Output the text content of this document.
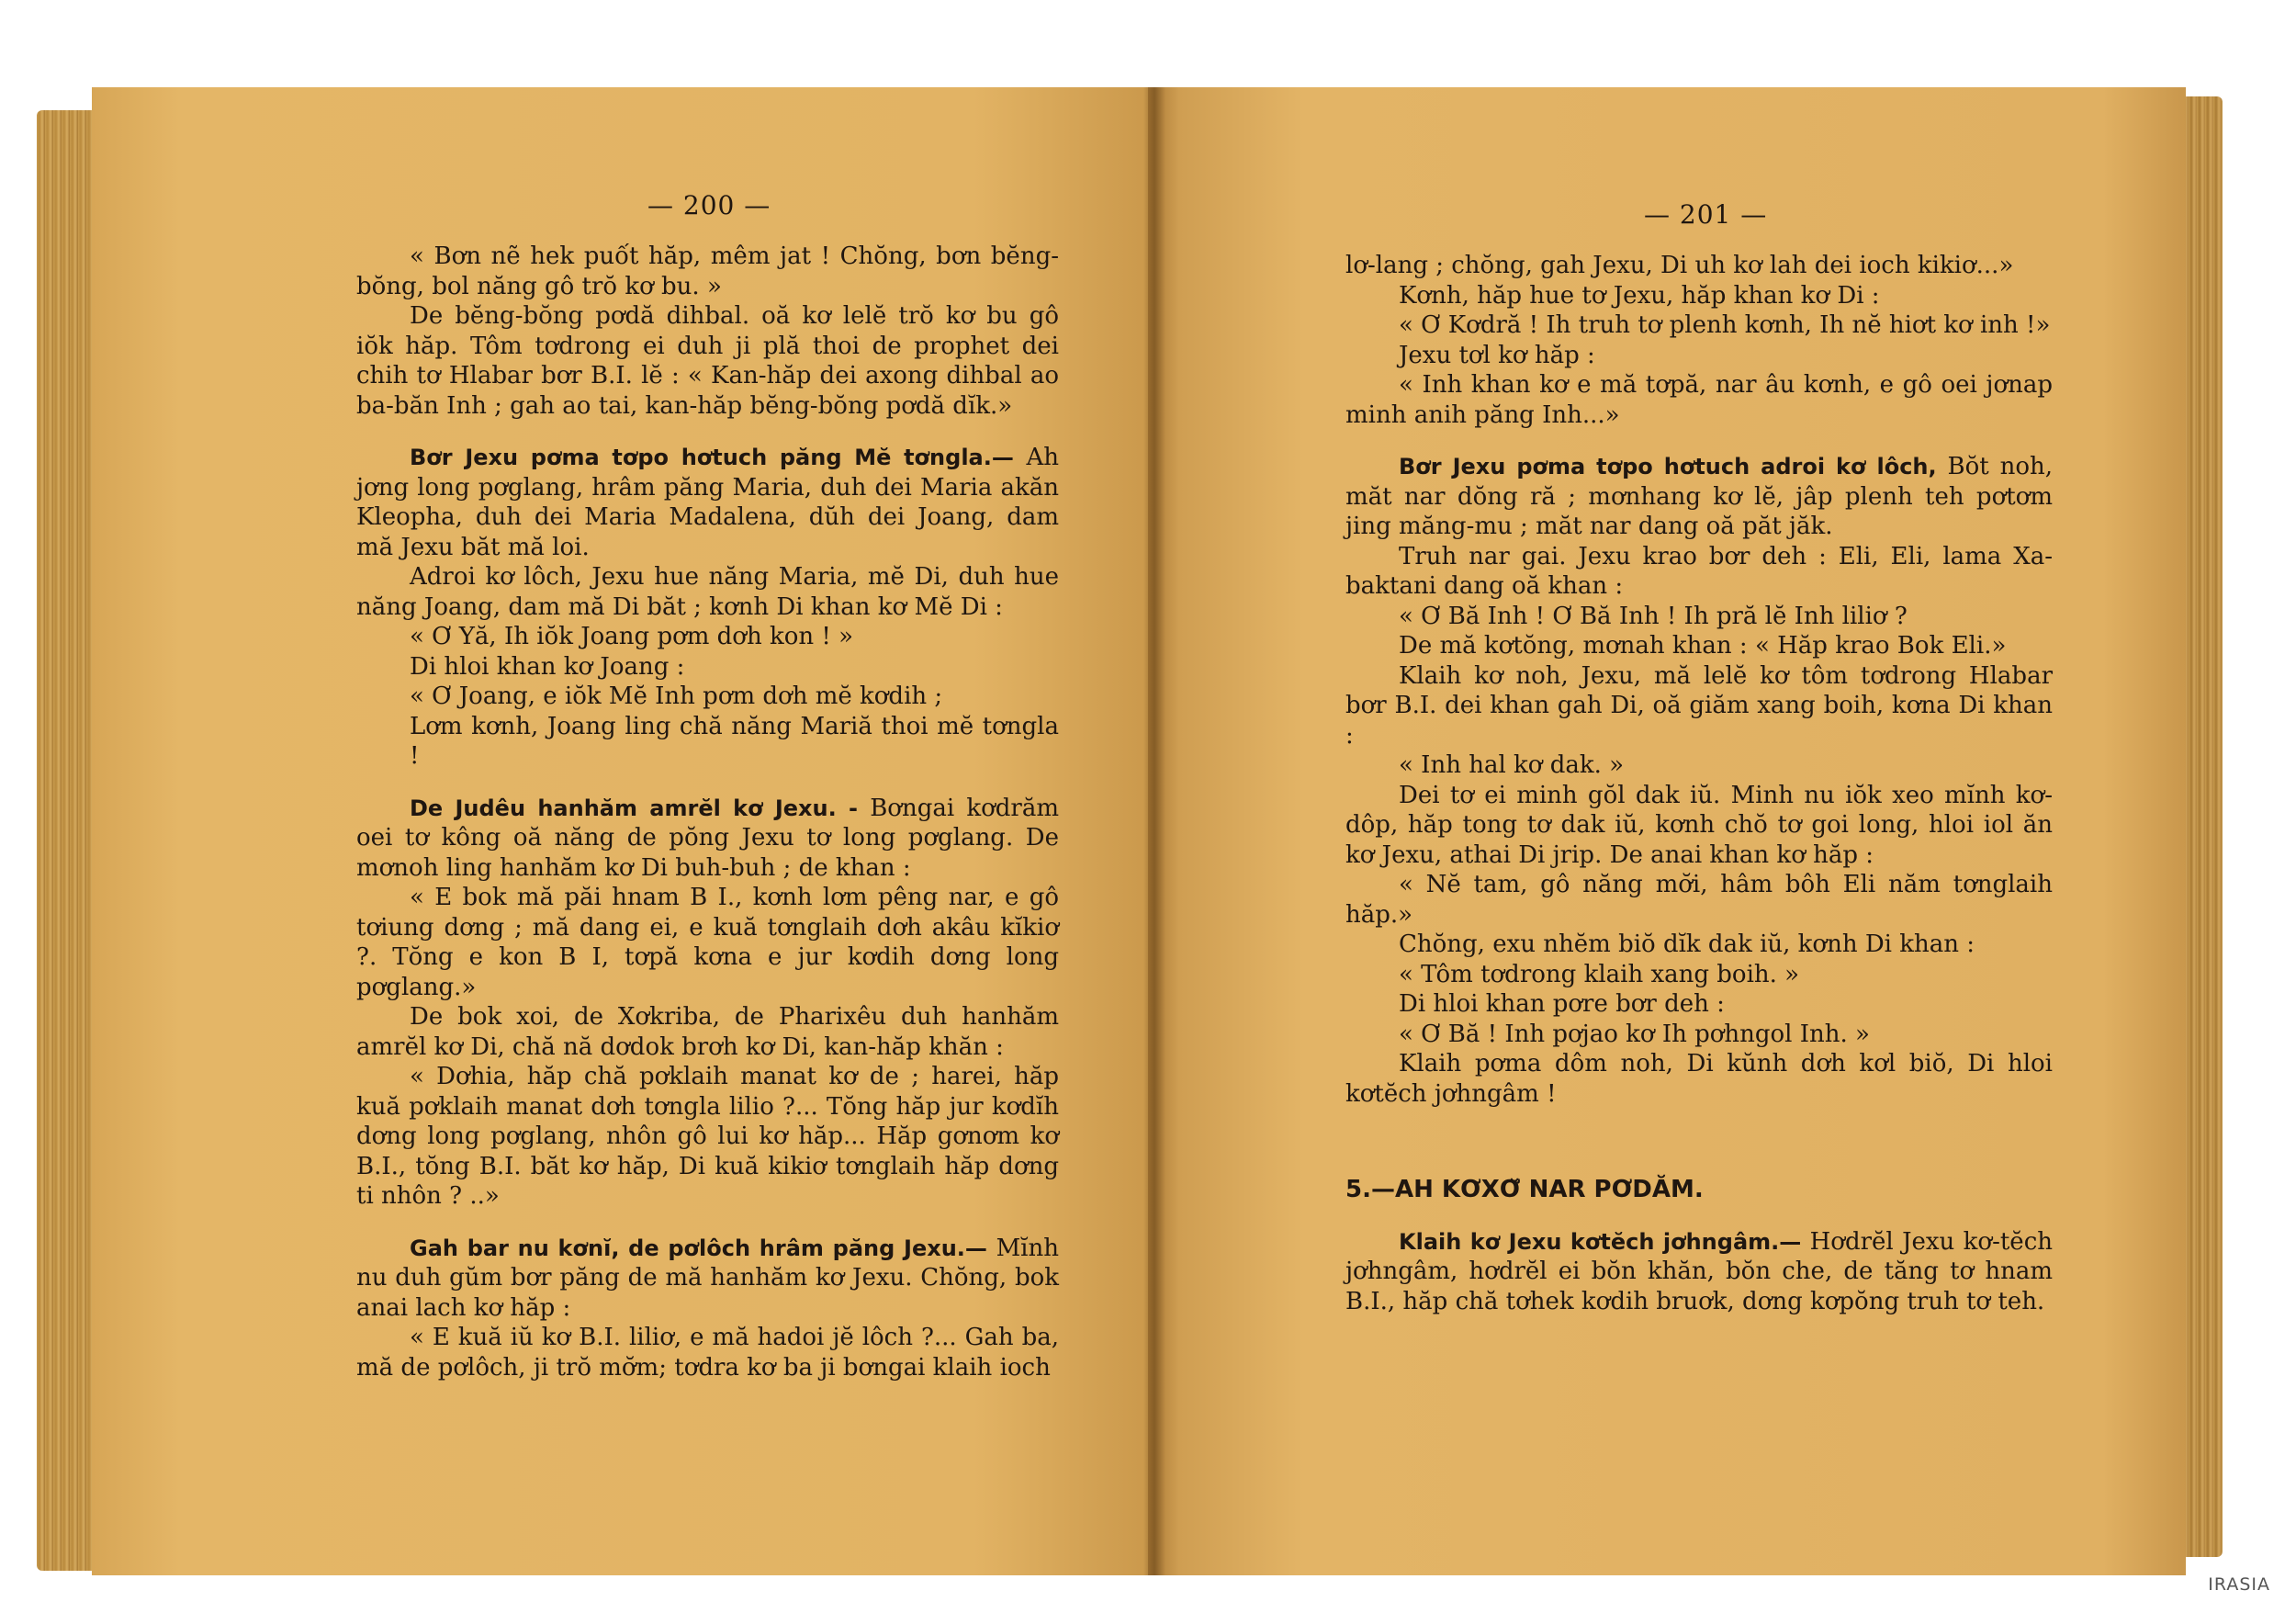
— 200 —

« Bơn nẽ hek puốt hăp, mêm jat ! Chŏng, bơn bĕng-bŏng, bol năng gô trŏ kơ bu. »

De bĕng-bŏng pơdă dihbal. oă kơ lelĕ trŏ kơ bu gô iŏk hăp. Tôm tơdrong ei duh ji plă thoi de prophet dei chih tơ Hlabar bơr B.I. lĕ : « Kan-hăp dei axong dihbal ao ba-băn Inh ; gah ao tai, kan-hăp bĕng-bŏng pơdă dĭk.»

Bơr Jexu pơma tơpo hơtuch păng Mĕ tơngla.— Ah jơng long pơglang, hrâm păng Maria, duh dei Maria akăn Kleopha, duh dei Maria Madalena, dŭh dei Joang, dam mă Jexu băt mă loi.

Adroi kơ lôch, Jexu hue năng Maria, mĕ Di, duh hue năng Joang, dam mă Di băt ; kơnh Di khan kơ Mĕ Di :

« Ơ Yă, Ih iŏk Joang pơm dơh kon ! »

Di hloi khan kơ Joang :

« Ơ Joang, e iŏk Mĕ Inh pơm dơh mĕ kơdih ;

Lơm kơnh, Joang ling chă năng Mariă thoi mĕ tơngla !

De Judêu hanhăm amrĕl kơ Jexu. - Bơngai kơdrăm oei tơ kông oă năng de pŏng Jexu tơ long pơglang. De mơnoh ling hanhăm kơ Di buh-buh ; de khan :

« E bok mă păi hnam B I., kơnh lơm pêng nar, e gô tơiung dơng ; mă dang ei, e kuă tơnglaih dơh akâu kĭkiơ ?. Tŏng e kon B I, tơpă kơna e jur kơdih dơng long pơglang.»

De bok xoi, de Xơkriba, de Pharixêu duh hanhăm amrĕl kơ Di, chă nă dơdok brơh kơ Di, kan-hăp khăn :

« Dơhia, hăp chă pơklaih manat kơ de ; harei, hăp kuă pơklaih manat dơh tơngla lilio ?... Tŏng hăp jur kơdĭh dơng long pơglang, nhôn gô lui kơ hăp... Hăp gơnơm kơ B.I., tŏng B.I. băt kơ hăp, Di kuă kikiơ tơnglaih hăp dơng ti nhôn ? ..»

Gah bar nu kơnĭ, de pơlôch hrâm păng Jexu.— Mĭnh nu duh gŭm bơr păng de mă hanhăm kơ Jexu. Chŏng, bok anai lach kơ hăp :

« E kuă iŭ kơ B.I. liliơ, e mă hadoi jĕ lôch ?... Gah ba, mă de pơlôch, ji trŏ mơ̆m; tơdra kơ ba ji bơngai klaih ioch

— 201 —

lơ-lang ; chŏng, gah Jexu, Di uh kơ lah dei ioch kikiơ...»

Kơnh, hăp hue tơ Jexu, hăp khan kơ Di :

« Ơ Kơdră ! Ih truh tơ plenh kơnh, Ih nĕ hiơt kơ inh !»

Jexu tơl kơ hăp :

« Inh khan kơ e mă tơpă, nar âu kơnh, e gô oei jơnap minh anih păng Inh...»

Bơr Jexu pơma tơpo hơtuch adroi kơ lôch, Bŏt noh, măt nar dŏng ră ; mơnhang kơ lĕ, jâp plenh teh pơtơm jing măng-mu ; măt nar dang oă păt jăk.

Truh nar gai. Jexu krao bơr deh : Eli, Eli, lama Xa-baktani dang oă khan :

« Ơ Bă Inh ! Ơ Bă Inh ! Ih pră lĕ Inh liliơ ?

De mă kơtŏng, mơnah khan : « Hăp krao Bok Eli.»

Klaih kơ noh, Jexu, mă lelĕ kơ tôm tơdrong Hlabar bơr B.I. dei khan gah Di, oă giăm xang boih, kơna Di khan :

« Inh hal kơ dak. »

Dei tơ ei minh gŏl dak iŭ. Minh nu iŏk xeo mĭnh kơ-dôp, hăp tong tơ dak iŭ, kơnh chŏ tơ goi long, hloi iol ăn kơ Jexu, athai Di jrip. De anai khan kơ hăp :

« Nĕ tam, gô năng mơ̆i, hâm bôh Eli năm tơnglaih hăp.»

Chŏng, exu nhĕm biŏ dĭk dak iŭ, kơnh Di khan :

« Tôm tơdrong klaih xang boih. »

Di hloi khan pơre bơr deh :

« Ơ Bă ! Inh pơjao kơ Ih pơhngol Inh. »

Klaih pơma dôm noh, Di kŭnh dơh kơl biŏ, Di hloi kơtĕch jơhngâm !

5.—AH KƠXƠ̆ NAR PƠDĂM.

Klaih kơ Jexu kơtĕch jơhngâm.— Hơdrĕl Jexu kơ-tĕch jơhngâm, hơdrĕl ei bŏn khăn, bŏn che, de tăng tơ hnam B.I., hăp chă tơhek kơdih bruơk, dơng kơpŏng truh tơ teh.

IRASIA
